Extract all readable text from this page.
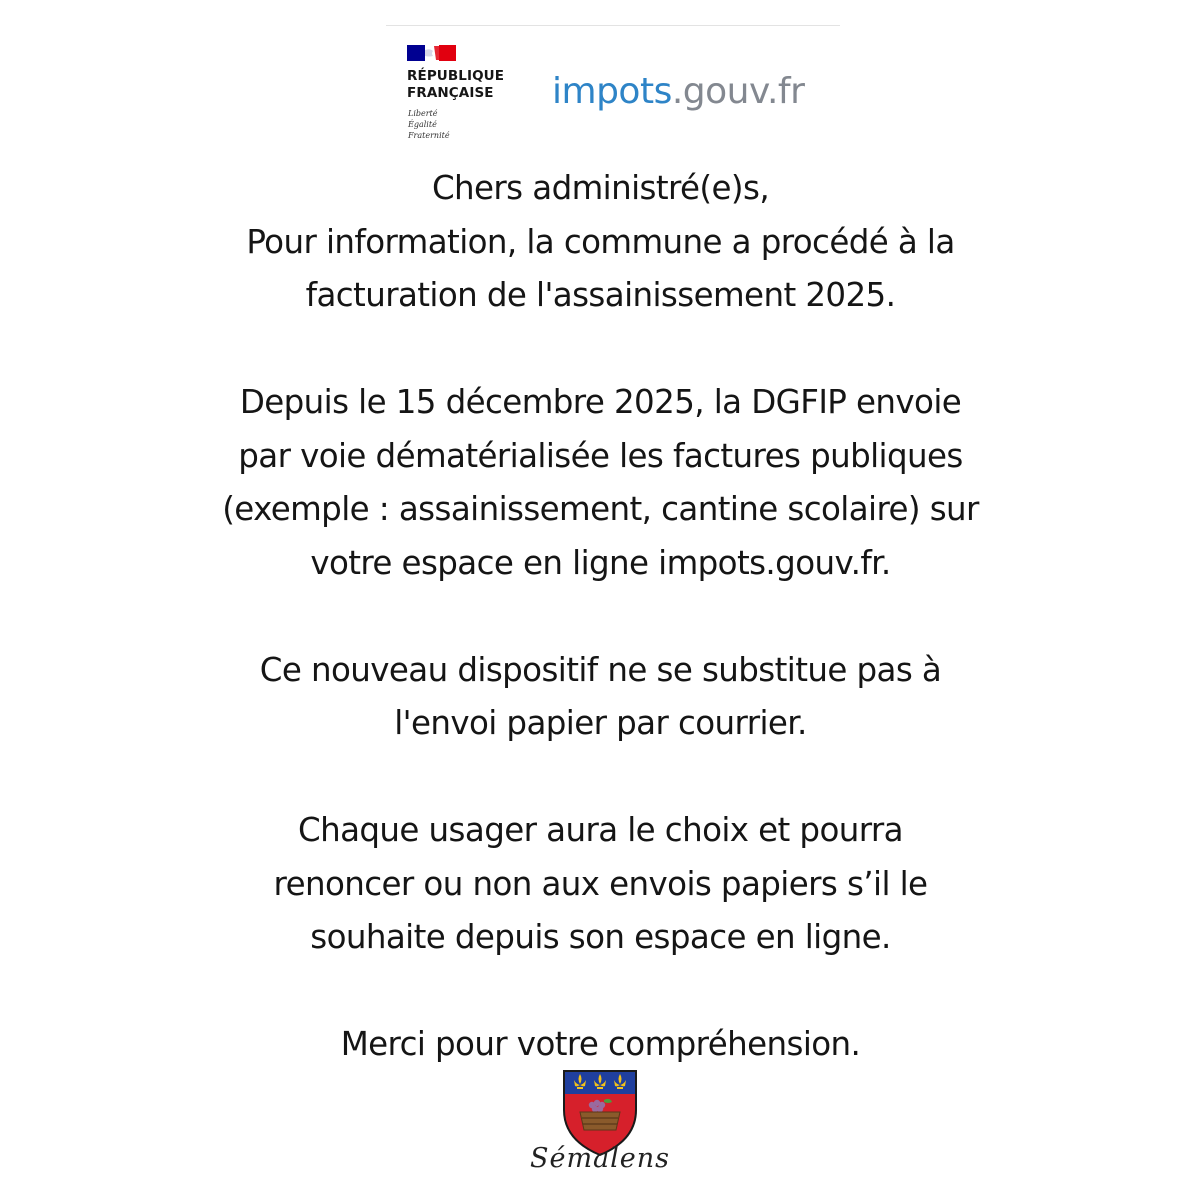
RÉPUBLIQUE
FRANÇAISE
Liberté
Égalité
Fraternité
impots.gouv.fr

Chers administré(e)s,

Pour information, la commune a procédé à la

facturation de l'assainissement 2025.

Depuis le 15 décembre 2025, la DGFIP envoie

par voie dématérialisée les factures publiques

(exemple : assainissement, cantine scolaire) sur

votre espace en ligne impots.gouv.fr.

Ce nouveau dispositif ne se substitue pas à

l'envoi papier par courrier.

Chaque usager aura le choix et pourra

renoncer ou non aux envois papiers s’il le

souhaite depuis son espace en ligne.

Merci pour votre compréhension.

Sémalens
